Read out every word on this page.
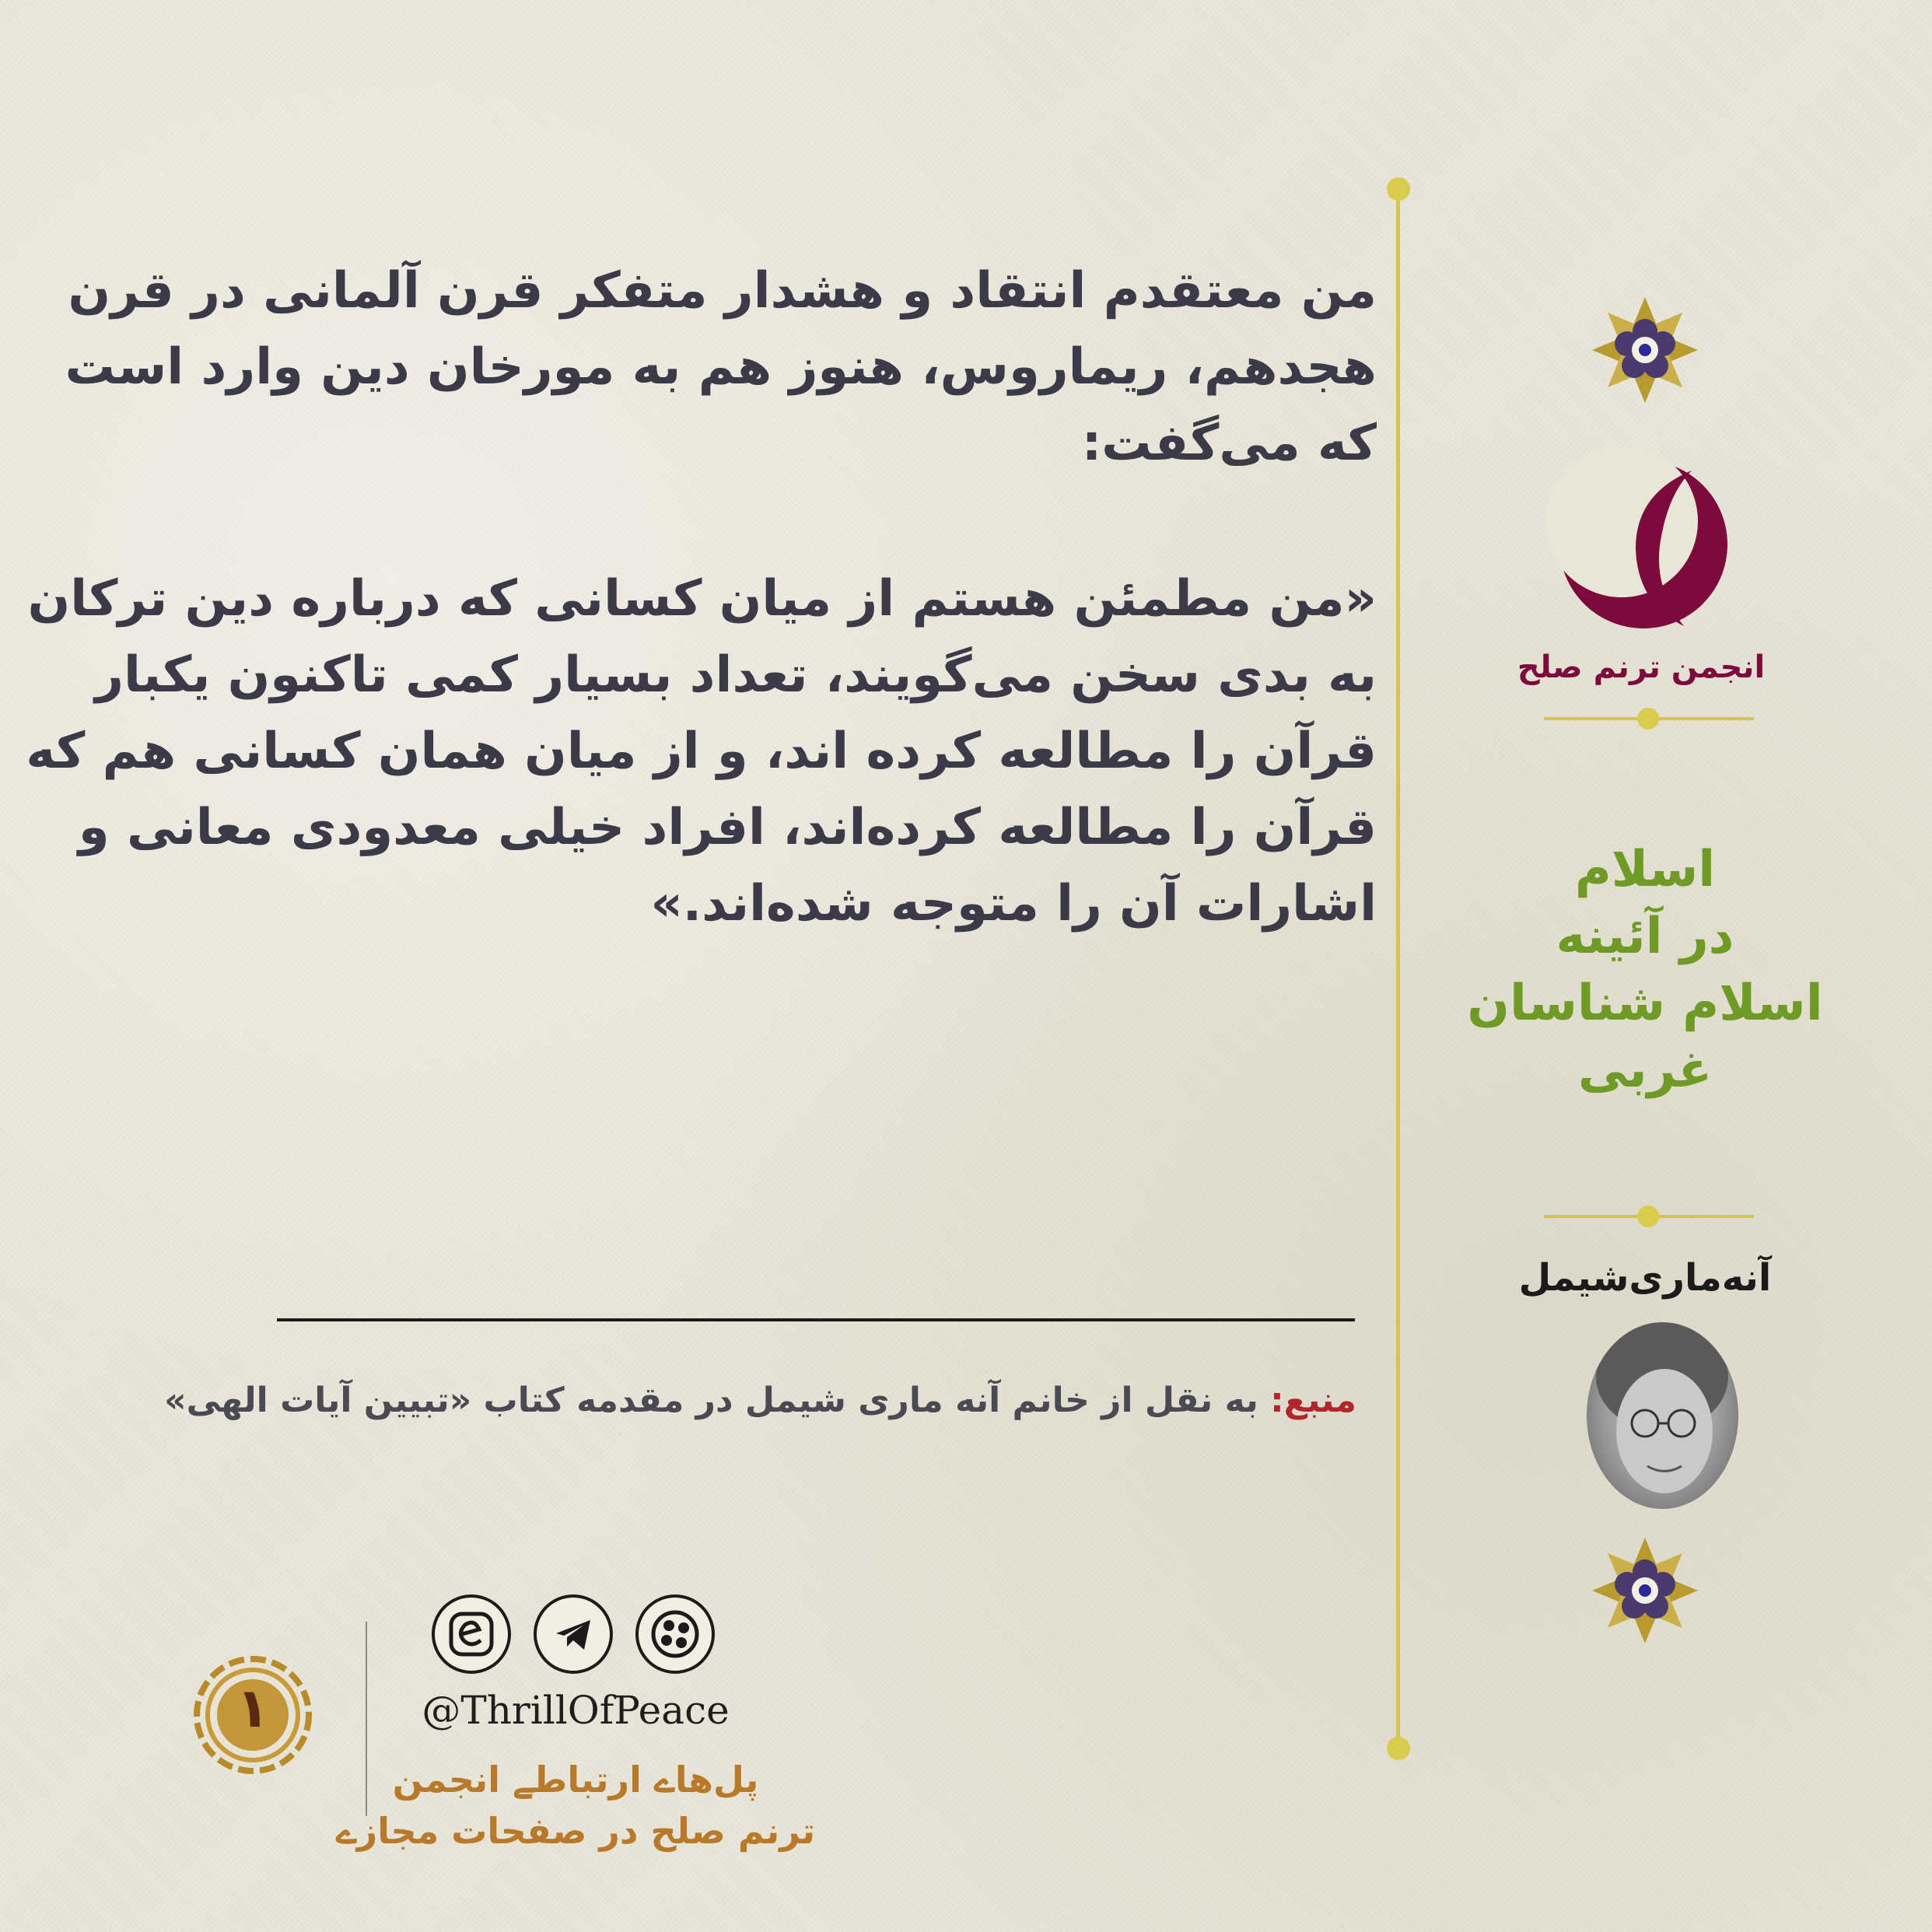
من معتقدم انتقاد و هشدار متفکر قرن آلمانی در قرن هجدهم، ریماروس، هنوز هم به مورخان دین وارد است که می‌گفت:

«من مطمئن هستم از میان کسانی که درباره دین ترکان به بدی سخن می‌گویند، تعداد بسیار کمی تاکنون یکبار قرآن را مطالعه کرده اند، و از میان همان کسانی هم که قرآن را مطالعه کرده‌اند، افراد خیلی معدودی معانی و اشارات آن را متوجه شده‌اند.»

منبع: به نقل از خانم آنه ماری شیمل در مقدمه کتاب «تبیین آیات الهی»
انجمن ترنم صلح
اسلام
در آئینه
اسلام شناسان
غربی
آنه‌ماری‌شیمل
۱	@ThrillOfPeace
پل‌هاے ارتباطے انجمن
ترنم صلح در صفحات مجازے
